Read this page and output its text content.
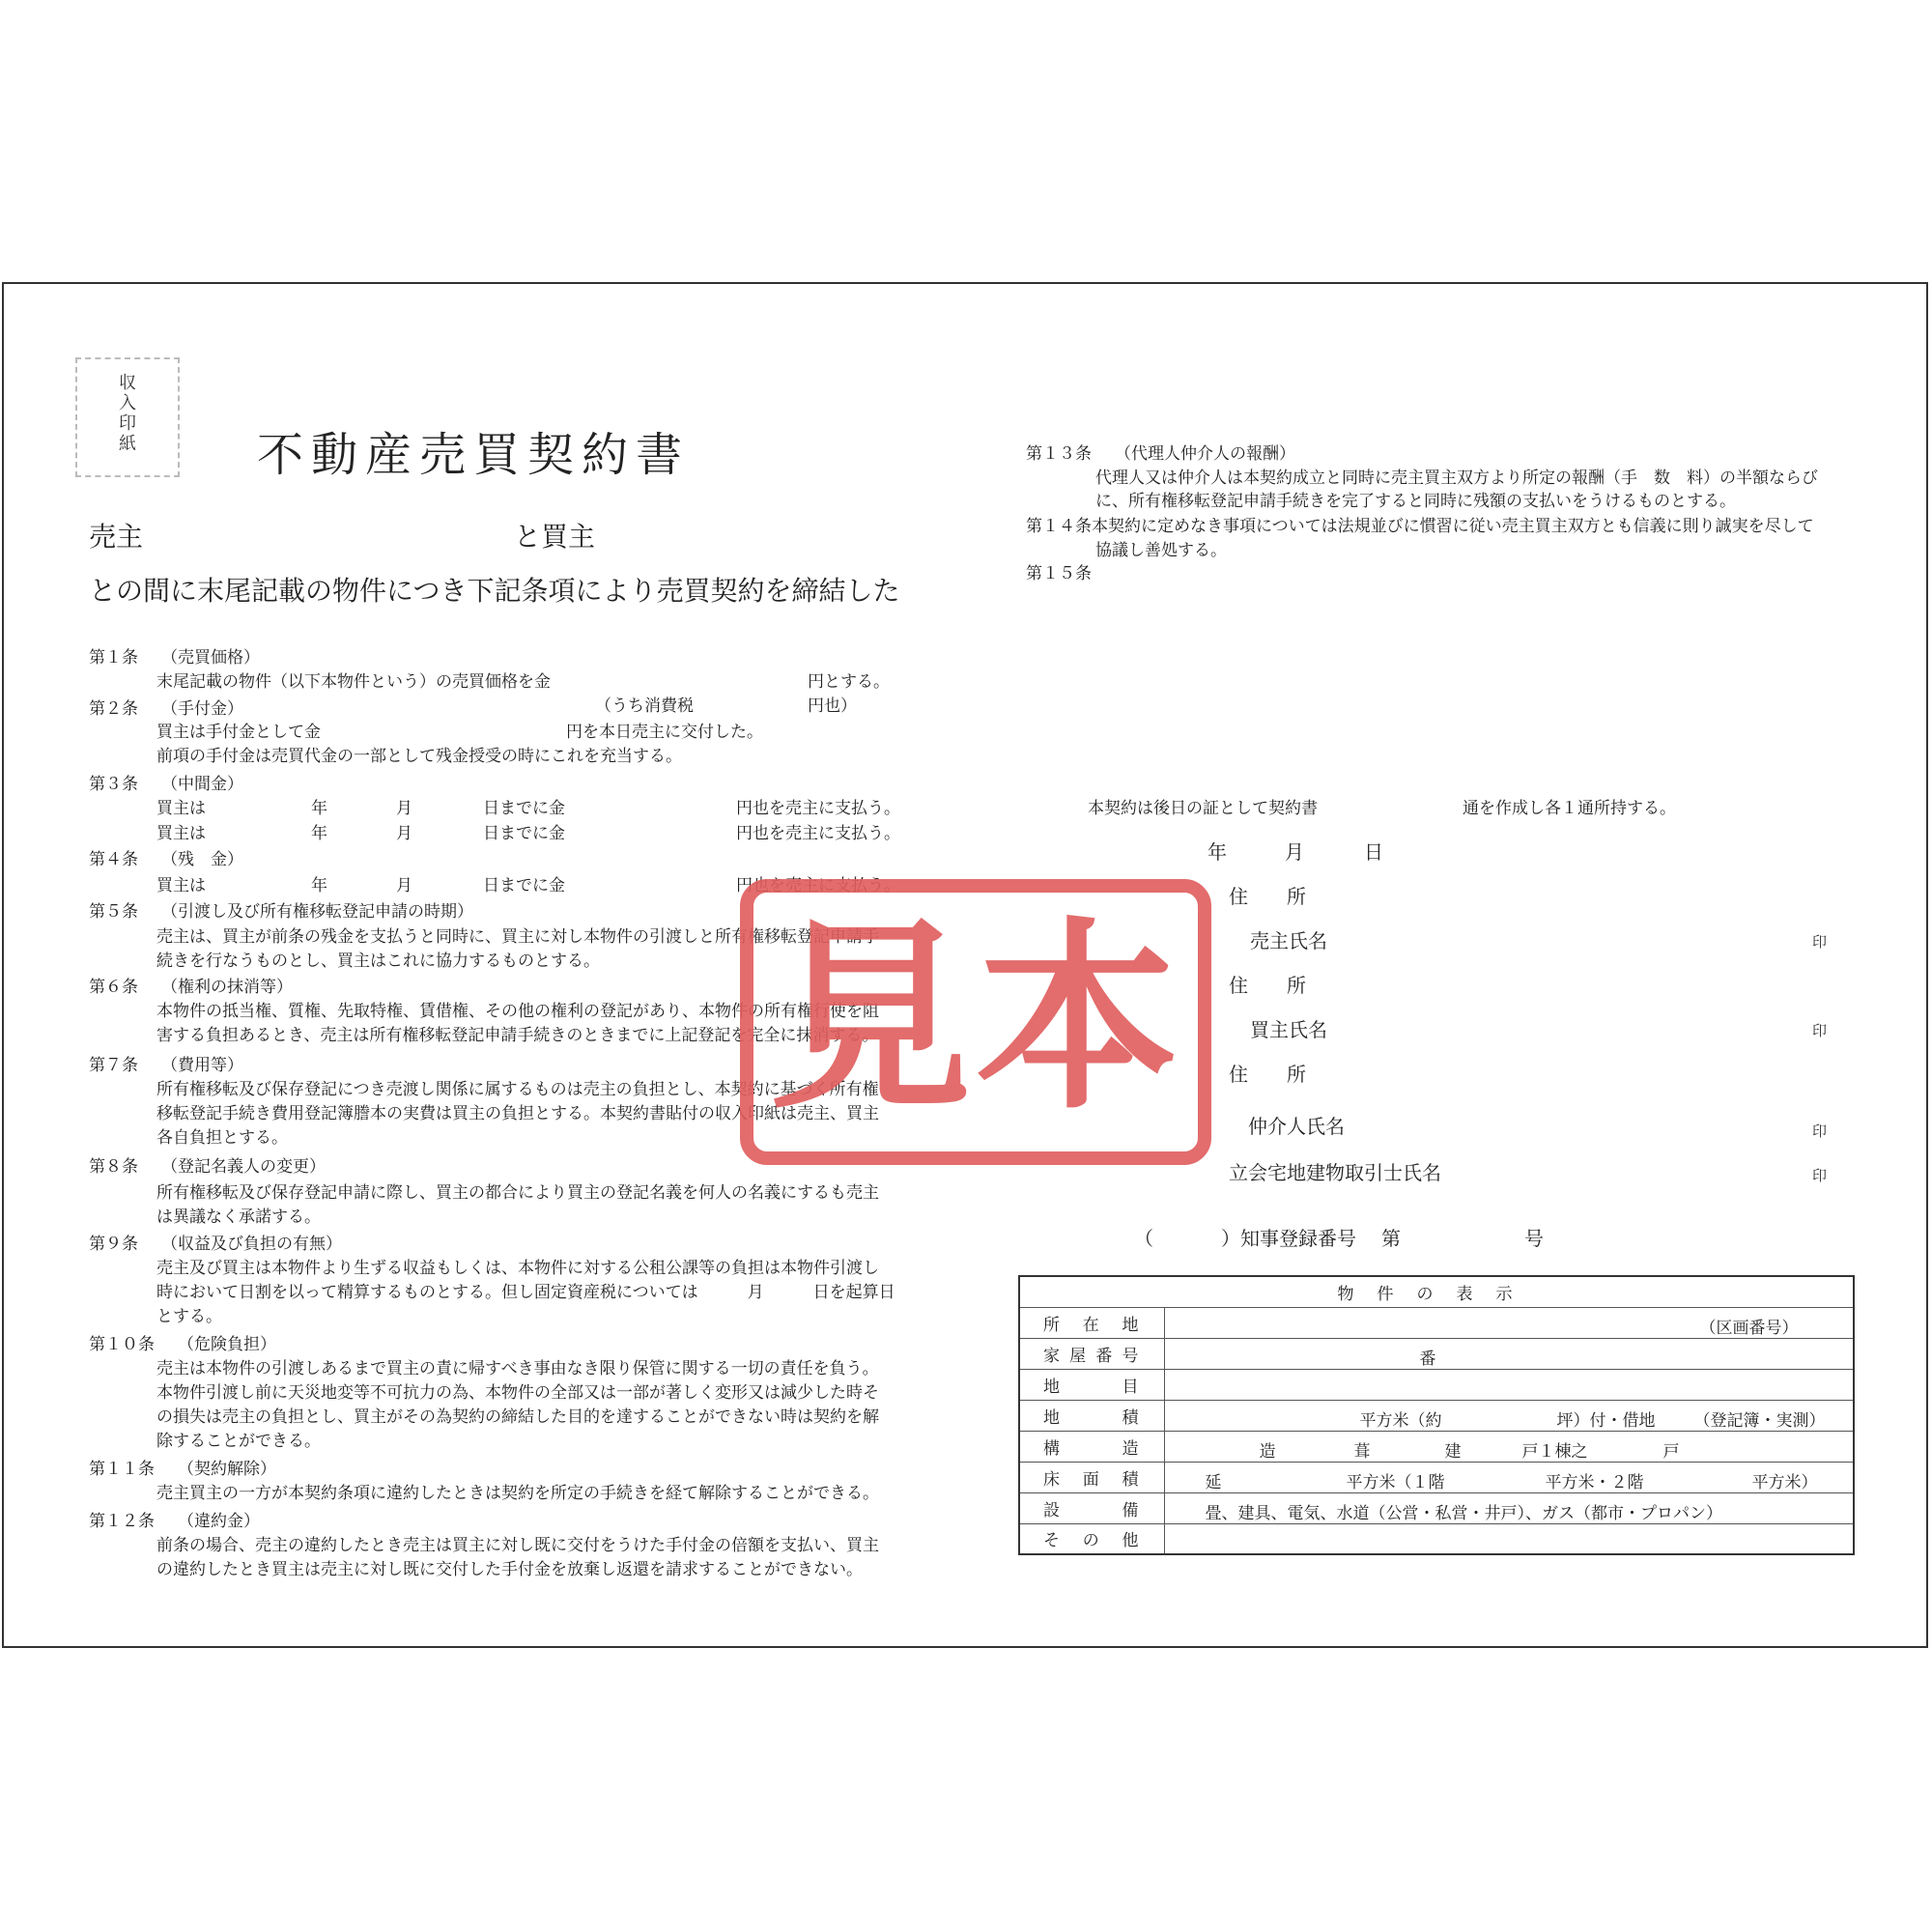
収入印紙	不動産売買契約書
売主	と買主
との間に末尾記載の物件につき下記条項により売買契約を締結した
第１条 （売買価格）
末尾記載の物件（以下本物件という）の売買価格を金	円とする。
（うち消費税	円也）
第２条 （手付金）
買主は手付金として金	円を本日売主に交付した。
前項の手付金は売買代金の一部として残金授受の時にこれを充当する。
第３条 （中間金）
買主は	年	月	日までに金	円也を売主に支払う。
買主は	年	月	日までに金	円也を売主に支払う。
第４条 （残　金）
買主は	年	月	日までに金	円也を売主に支払う。
第５条 （引渡し及び所有権移転登記申請の時期）
売主は、買主が前条の残金を支払うと同時に、買主に対し本物件の引渡しと所有権移転登記申請手
続きを行なうものとし、買主はこれに協力するものとする。
第６条 （権利の抹消等）
本物件の抵当権、質権、先取特権、賃借権、その他の権利の登記があり、本物件の所有権行使を阻
害する負担あるとき、売主は所有権移転登記申請手続きのときまでに上記登記を完全に抹消する。
第７条 （費用等）
所有権移転及び保存登記につき売渡し関係に属するものは売主の負担とし、本契約に基づく所有権
移転登記手続き費用登記簿謄本の実費は買主の負担とする。本契約書貼付の収入印紙は売主、買主
各自負担とする。
第８条 （登記名義人の変更）
所有権移転及び保存登記申請に際し、買主の都合により買主の登記名義を何人の名義にするも売主
は異議なく承諾する。
第９条 （収益及び負担の有無）
売主及び買主は本物件より生ずる収益もしくは、本物件に対する公租公課等の負担は本物件引渡し
時において日割を以って精算するものとする。但し固定資産税については　　　月　　　日を起算日
とする。
第１０条 （危険負担）
売主は本物件の引渡しあるまで買主の責に帰すべき事由なき限り保管に関する一切の責任を負う。
本物件引渡し前に天災地変等不可抗力の為、本物件の全部又は一部が著しく変形又は減少した時そ
の損失は売主の負担とし、買主がその為契約の締結した目的を達することができない時は契約を解
除することができる。
第１１条 （契約解除）
売主買主の一方が本契約条項に違約したときは契約を所定の手続きを経て解除することができる。
第１２条 （違約金）
前条の場合、売主の違約したとき売主は買主に対し既に交付をうけた手付金の倍額を支払い、買主
の違約したとき買主は売主に対し既に交付した手付金を放棄し返還を請求することができない。
第１３条 （代理人仲介人の報酬）
代理人又は仲介人は本契約成立と同時に売主買主双方より所定の報酬（手　数　料）の半額ならび
に、所有権移転登記申請手続きを完了すると同時に残額の支払いをうけるものとする。
第１４条本契約に定めなき事項については法規並びに慣習に従い売主買主双方とも信義に則り誠実を尽して
協議し善処する。
第１５条
本契約は後日の証として契約書	通を作成し各１通所持する。
年	月	日
住　　所
売主氏名	印
住　　所
買主氏名	印
住　　所
仲介人氏名	印
立会宅地建物取引士氏名	印
（	）知事登録番号 第	号
物件の表示	
所在地	（区画番号）

家屋番号	番

地目	
地積	平方米（約 坪）付・借地 （登記簿・実測）

構造	造 葺 建 戸１棟之 戸

床面積	延 平方米（１階 平方米・２階 平方米）

設備	畳、建具、電気、水道（公営・私営・井戸）、ガス（都市・プロパン）

その他	
見本
